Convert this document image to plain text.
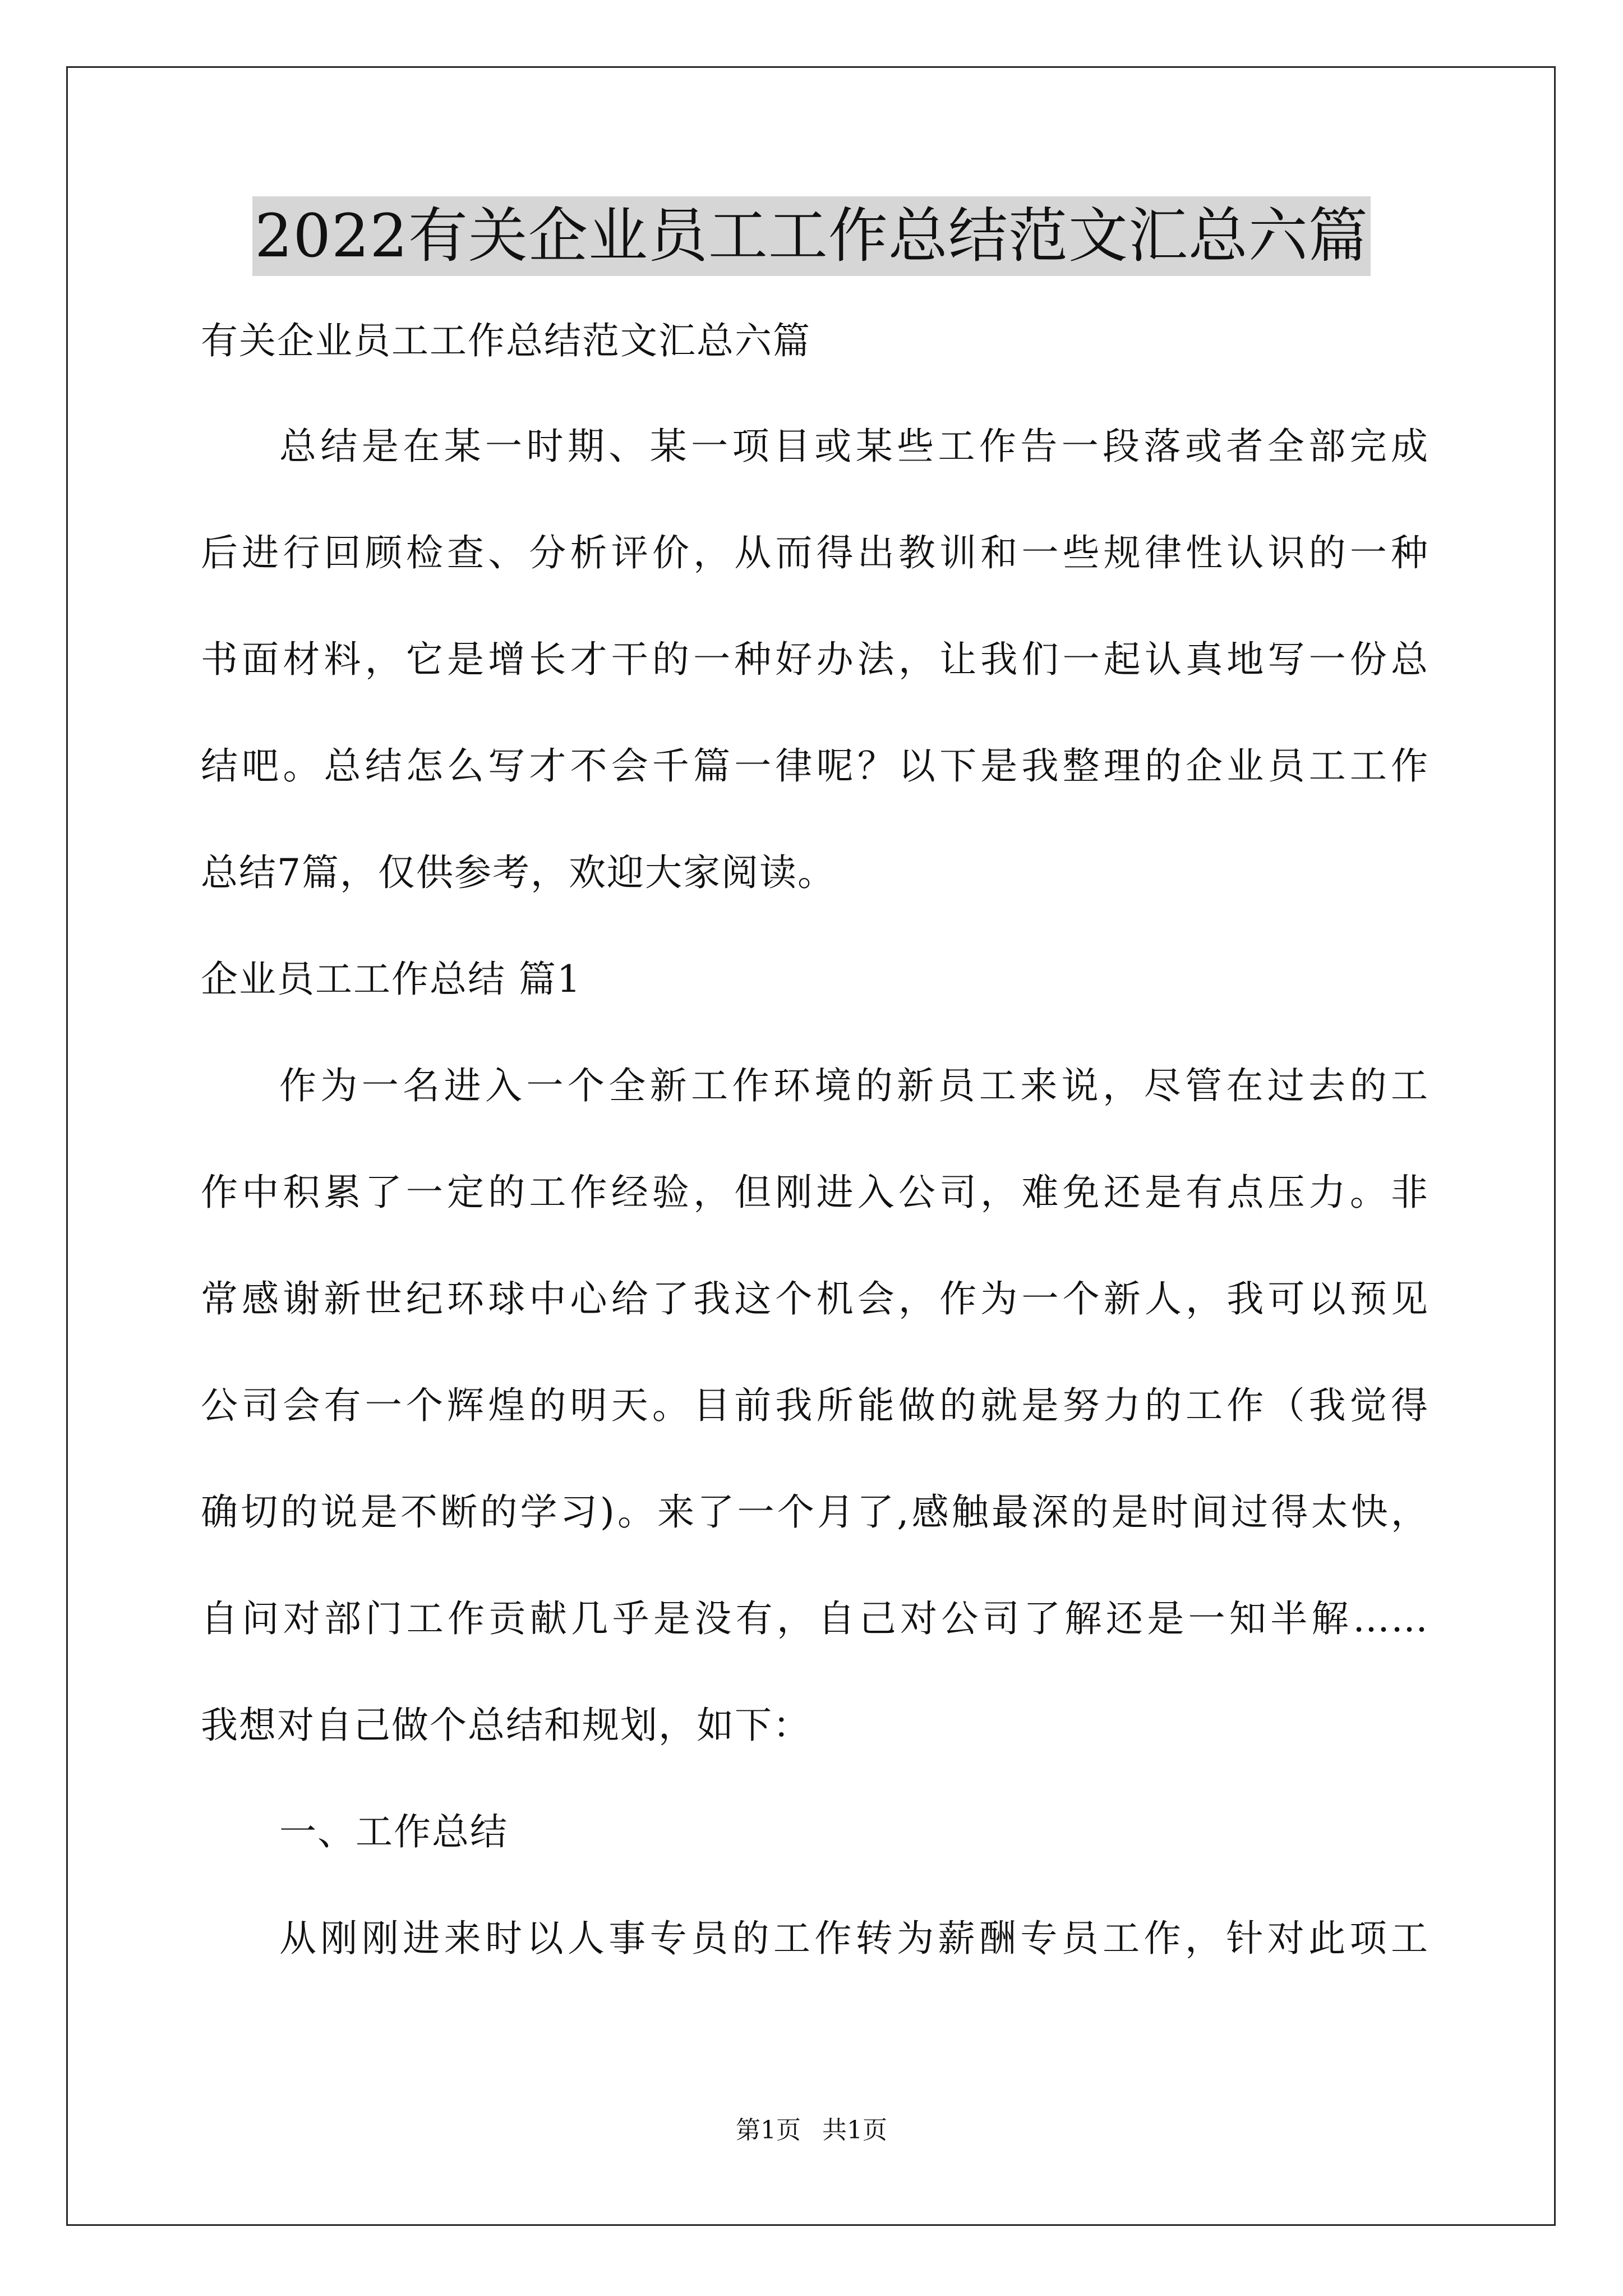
2022有关企业员工工作总结范文汇总六篇
有关企业员工工作总结范文汇总六篇
总结是在某一时期、某一项目或某些工作告一段落或者全部完成
后进行回顾检查、分析评价，从而得出教训和一些规律性认识的一种
书面材料，它是增长才干的一种好办法，让我们一起认真地写一份总
结吧。总结怎么写才不会千篇一律呢？以下是我整理的企业员工工作
总结7篇，仅供参考，欢迎大家阅读。
企业员工工作总结 篇1
作为一名进入一个全新工作环境的新员工来说，尽管在过去的工
作中积累了一定的工作经验，但刚进入公司，难免还是有点压力。非
常感谢新世纪环球中心给了我这个机会，作为一个新人，我可以预见
公司会有一个辉煌的明天。目前我所能做的就是努力的工作（我觉得
确切的说是不断的学习)。来了一个月了,感触最深的是时间过得太快，
自问对部门工作贡献几乎是没有，自己对公司了解还是一知半解……
我想对自己做个总结和规划，如下：
一、工作总结
从刚刚进来时以人事专员的工作转为薪酬专员工作，针对此项工
第1页 共1页
